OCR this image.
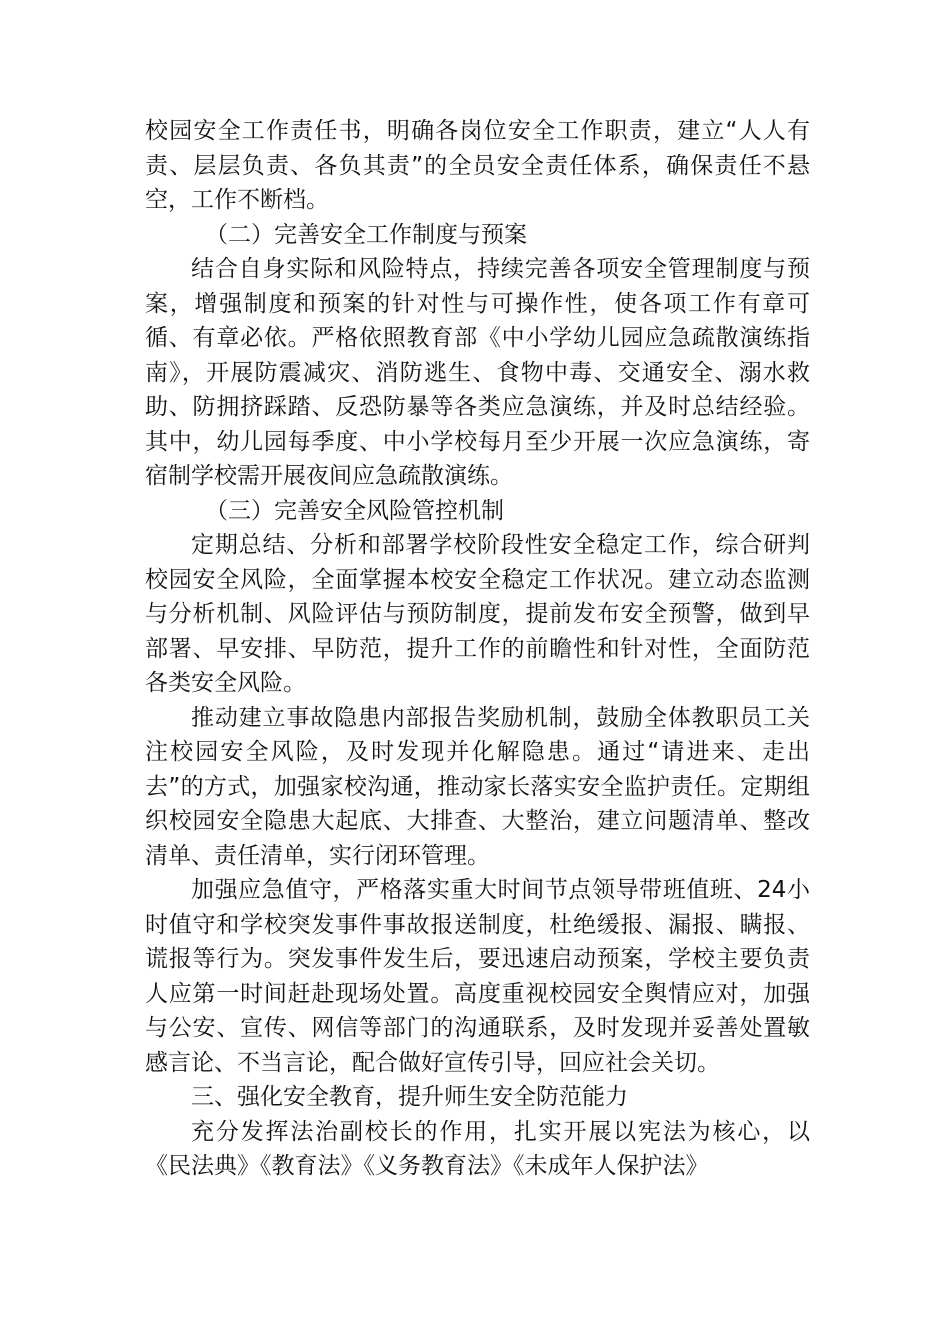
校园安全工作责任书，明确各岗位安全工作职责，建立“人人有责、层层负责、各负其责”的全员安全责任体系，确保责任不悬空，工作不断档。

（二）完善安全工作制度与预案

结合自身实际和风险特点，持续完善各项安全管理制度与预案，增强制度和预案的针对性与可操作性，使各项工作有章可循、有章必依。严格依照教育部《中小学幼儿园应急疏散演练指南》，开展防震减灾、消防逃生、食物中毒、交通安全、溺水救助、防拥挤踩踏、反恐防暴等各类应急演练，并及时总结经验。其中，幼儿园每季度、中小学校每月至少开展一次应急演练，寄宿制学校需开展夜间应急疏散演练。

（三）完善安全风险管控机制

定期总结、分析和部署学校阶段性安全稳定工作，综合研判校园安全风险，全面掌握本校安全稳定工作状况。建立动态监测与分析机制、风险评估与预防制度，提前发布安全预警，做到早部署、早安排、早防范，提升工作的前瞻性和针对性，全面防范各类安全风险。

推动建立事故隐患内部报告奖励机制，鼓励全体教职员工关注校园安全风险，及时发现并化解隐患。通过“请进来、走出去”的方式，加强家校沟通，推动家长落实安全监护责任。定期组织校园安全隐患大起底、大排查、大整治，建立问题清单、整改清单、责任清单，实行闭环管理。

加强应急值守，严格落实重大时间节点领导带班值班、24小时值守和学校突发事件事故报送制度，杜绝缓报、漏报、瞒报、谎报等行为。突发事件发生后，要迅速启动预案，学校主要负责人应第一时间赶赴现场处置。高度重视校园安全舆情应对，加强与公安、宣传、网信等部门的沟通联系，及时发现并妥善处置敏感言论、不当言论，配合做好宣传引导，回应社会关切。

三、强化安全教育，提升师生安全防范能力

充分发挥法治副校长的作用，扎实开展以宪法为核心，以《民法典》《教育法》《义务教育法》《未成年人保护法》
